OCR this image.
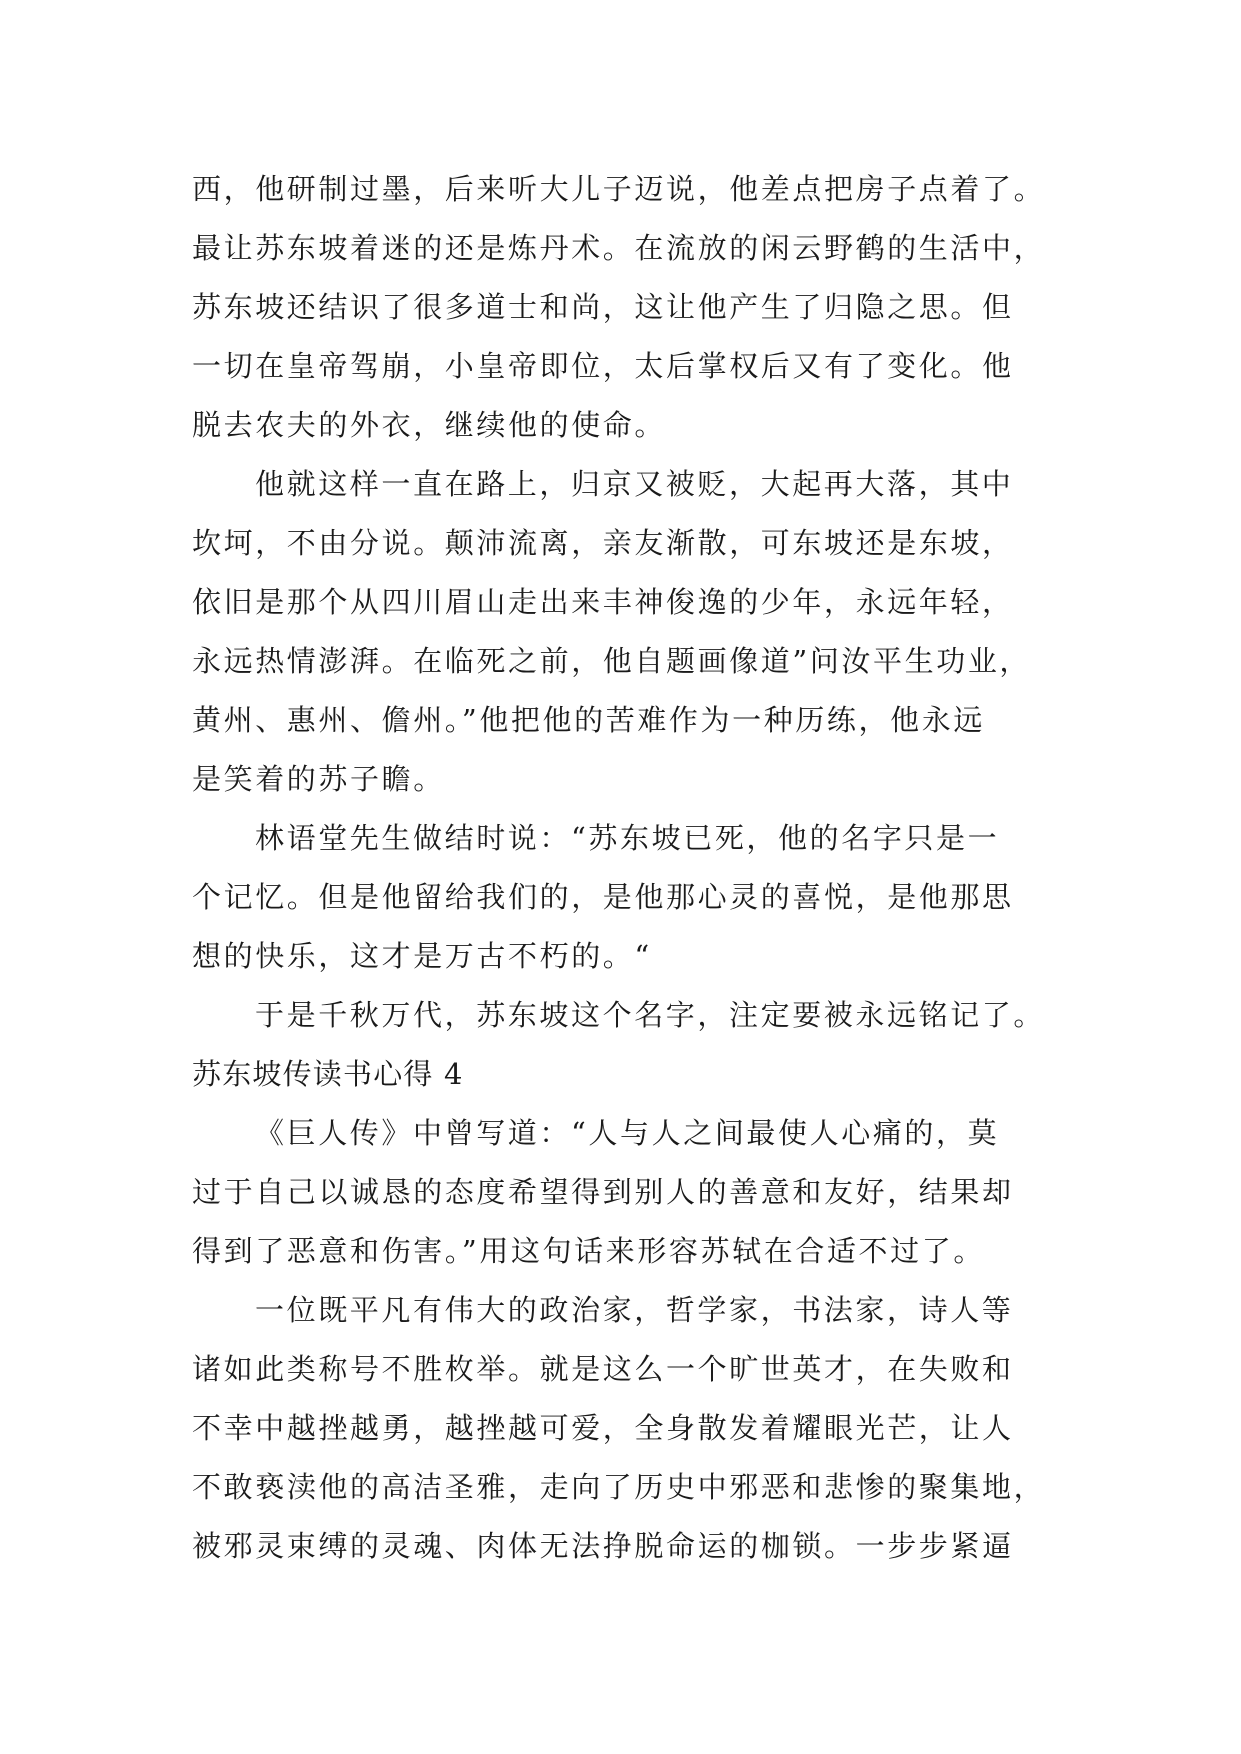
西，他研制过墨，后来听大儿子迈说，他差点把房子点着了。
最让苏东坡着迷的还是炼丹术。在流放的闲云野鹤的生活中，
苏东坡还结识了很多道士和尚，这让他产生了归隐之思。但
一切在皇帝驾崩，小皇帝即位，太后掌权后又有了变化。他
脱去农夫的外衣，继续他的使命。
他就这样一直在路上，归京又被贬，大起再大落，其中
坎坷，不由分说。颠沛流离，亲友渐散，可东坡还是东坡，
依旧是那个从四川眉山走出来丰神俊逸的少年，永远年轻，
永远热情澎湃。在临死之前，他自题画像道”问汝平生功业，
黄州、惠州、儋州。”他把他的苦难作为一种历练，他永远
是笑着的苏子瞻。
林语堂先生做结时说：“苏东坡已死，他的名字只是一
个记忆。但是他留给我们的，是他那心灵的喜悦，是他那思
想的快乐，这才是万古不朽的。“
于是千秋万代，苏东坡这个名字，注定要被永远铭记了。
苏东坡传读书心得 4
《巨人传》中曾写道：“人与人之间最使人心痛的，莫
过于自己以诚恳的态度希望得到别人的善意和友好，结果却
得到了恶意和伤害。”用这句话来形容苏轼在合适不过了。
一位既平凡有伟大的政治家，哲学家，书法家，诗人等
诸如此类称号不胜枚举。就是这么一个旷世英才，在失败和
不幸中越挫越勇，越挫越可爱，全身散发着耀眼光芒，让人
不敢亵渎他的高洁圣雅，走向了历史中邪恶和悲惨的聚集地，
被邪灵束缚的灵魂、肉体无法挣脱命运的枷锁。一步步紧逼
